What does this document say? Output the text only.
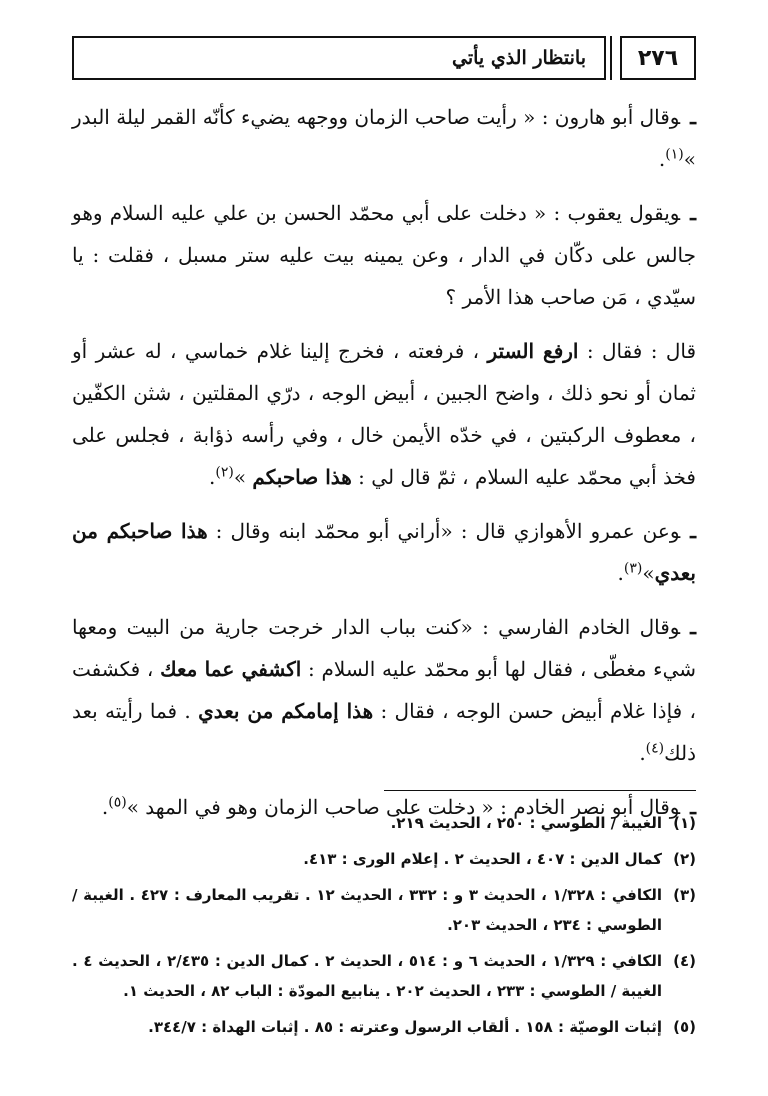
بانتظار الذي يأتي	٢٧٦

ـوقال أبو هارون : « رأيت صاحب الزمان ووجهه يضيء كأنّه القمر ليلة البدر »$^{(١)}$.

ـويقول يعقوب : « دخلت على أبي محمّد الحسن بن علي عليه السلام وهو جالس على دكّان في الدار ، وعن يمينه بيت عليه ستر مسبل ، فقلت : يا سيّدي ، مَن صاحب هذا الأمر ؟

قال : فقال : ارفع الستر ، فرفعته ، فخرج إلينا غلام خماسي ، له عشر أو ثمان أو نحو ذلك ، واضح الجبين ، أبيض الوجه ، درّي المقلتين ، شثن الكفّين ، معطوف الركبتين ، في خدّه الأيمن خال ، وفي رأسه ذؤابة ، فجلس على فخذ أبي محمّد عليه السلام ، ثمّ قال لي : هذا صاحبكم »$^{(٢)}$.

ـوعن عمرو الأهوازي قال : «أراني أبو محمّد ابنه وقال : هذا صاحبكم من بعدي»$^{(٣)}$.

ـوقال الخادم الفارسي : «كنت بباب الدار خرجت جارية من البيت ومعها شيء مغطّى ، فقال لها أبو محمّد عليه السلام : اكشفي عما معك ، فكشفت ، فإذا غلام أبيض حسن الوجه ، فقال : هذا إمامكم من بعدي . فما رأيته بعد ذلك$^{(٤)}$.

ـوقال أبو نصر الخادم : « دخلت على صاحب الزمان وهو في المهد »$^{(٥)}$.

(١)
الغيبة / الطوسي : ٢٥٠ ، الحديث ٢١٩.

(٢)
كمال الدين : ٤٠٧ ، الحديث ٢ . إعلام الورى : ٤١٣.

(٣)
الكافي : ١/٣٢٨ ، الحديث ٣ و : ٣٣٢ ، الحديث ١٢ . تقريب المعارف : ٤٢٧ . الغيبة / الطوسي : ٢٣٤ ، الحديث ٢٠٣.

(٤)
الكافي : ١/٣٢٩ ، الحديث ٦ و : ٥١٤ ، الحديث ٢ . كمال الدين : ٢/٤٣٥ ، الحديث ٤ . الغيبة / الطوسي : ٢٣٣ ، الحديث ٢٠٢ . ينابيع المودّة : الباب ٨٢ ، الحديث ١.

(٥)
إثبات الوصيّة : ١٥٨ . ألقاب الرسول وعترته : ٨٥ . إثبات الهداة : ٣٤٤/٧.
